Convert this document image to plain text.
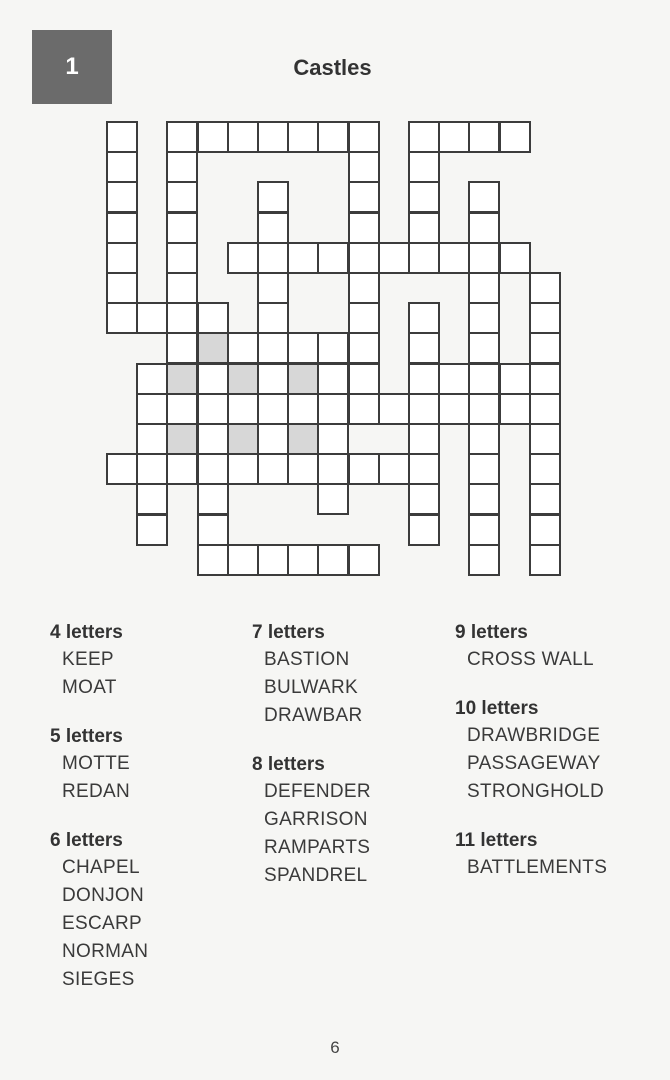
1	Castles
4 letters
KEEP
MOAT
5 letters
MOTTE
REDAN
6 letters
CHAPEL
DONJON
ESCARP
NORMAN
SIEGES
7 letters
BASTION
BULWARK
DRAWBAR
8 letters
DEFENDER
GARRISON
RAMPARTS
SPANDREL
9 letters
CROSS WALL
10 letters
DRAWBRIDGE
PASSAGEWAY
STRONGHOLD
11 letters
BATTLEMENTS
6
